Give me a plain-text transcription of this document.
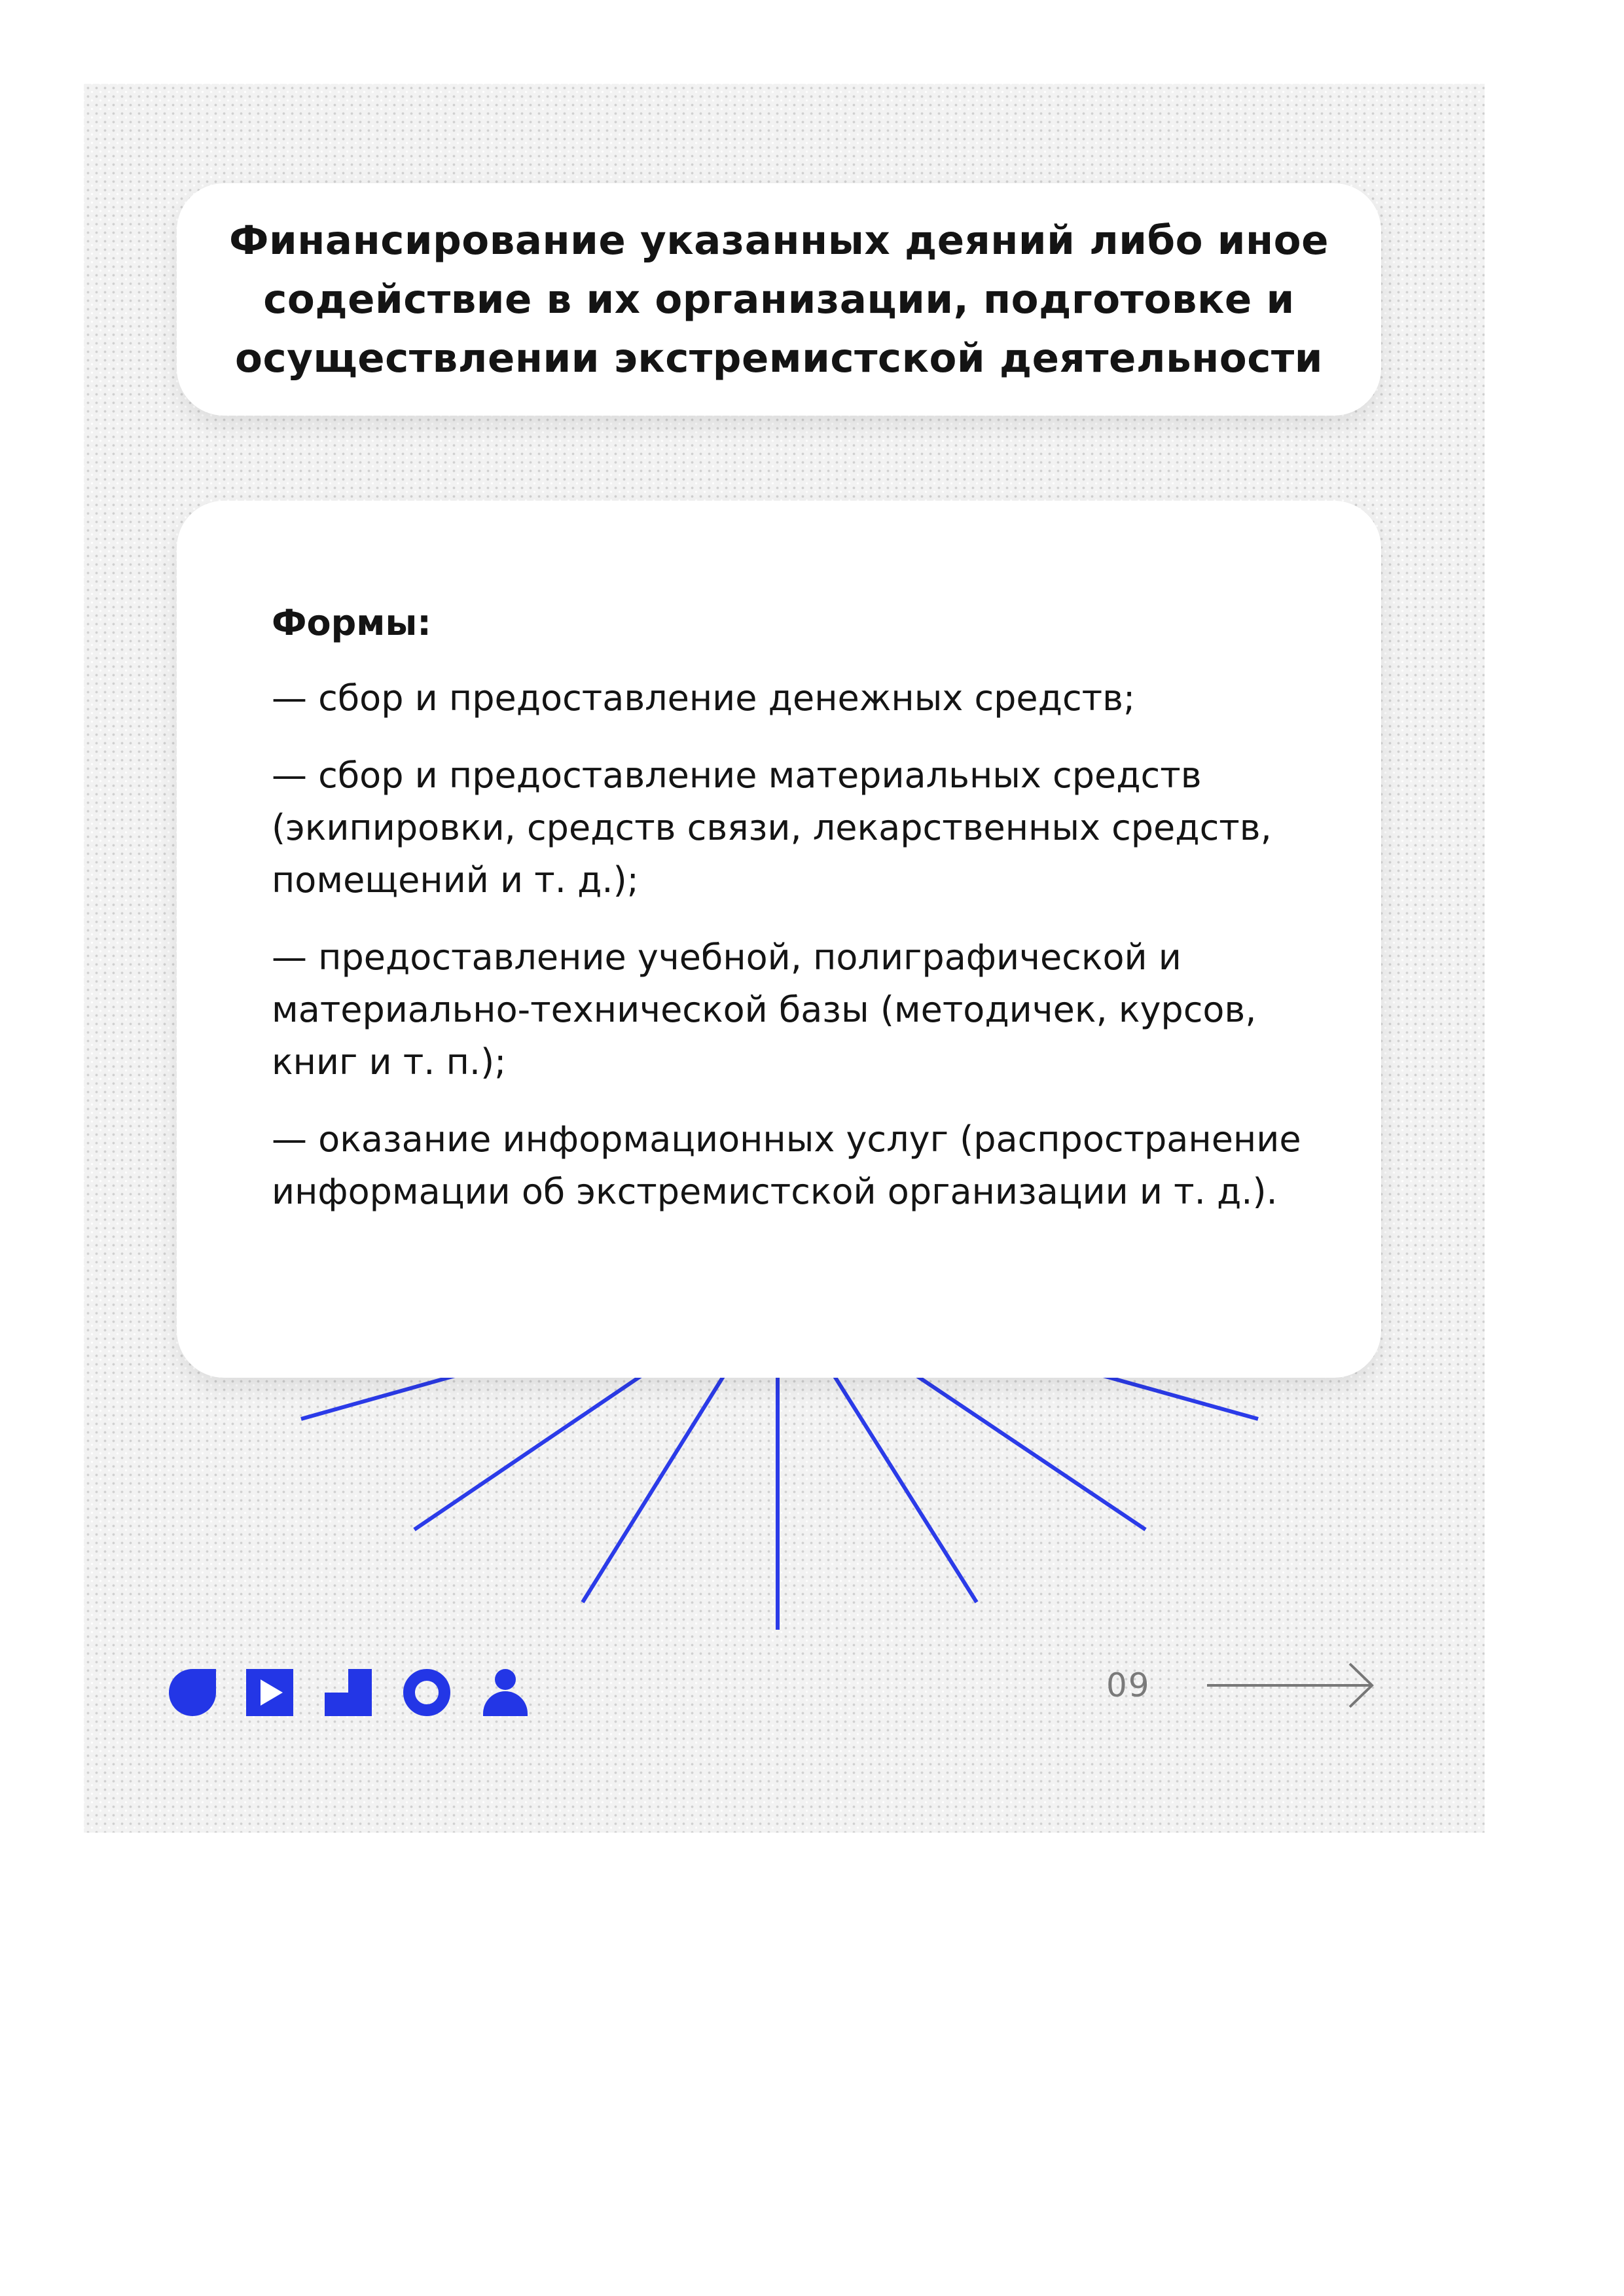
Финансирование указанных деяний либо иное содействие в их организации, подготовке и осуществлении экстремистской деятельности

Формы:

— сбор и предоставление денежных средств;
— сбор и предоставление материальных средств (экипировки, средств связи, лекарственных средств, помещений и т. д.);
— предоставление учебной, полиграфической и материально-технической базы (методичек, курсов, книг и т. п.);
— оказание информационных услуг (распространение информации об экстремистской организации и т. д.).
09
